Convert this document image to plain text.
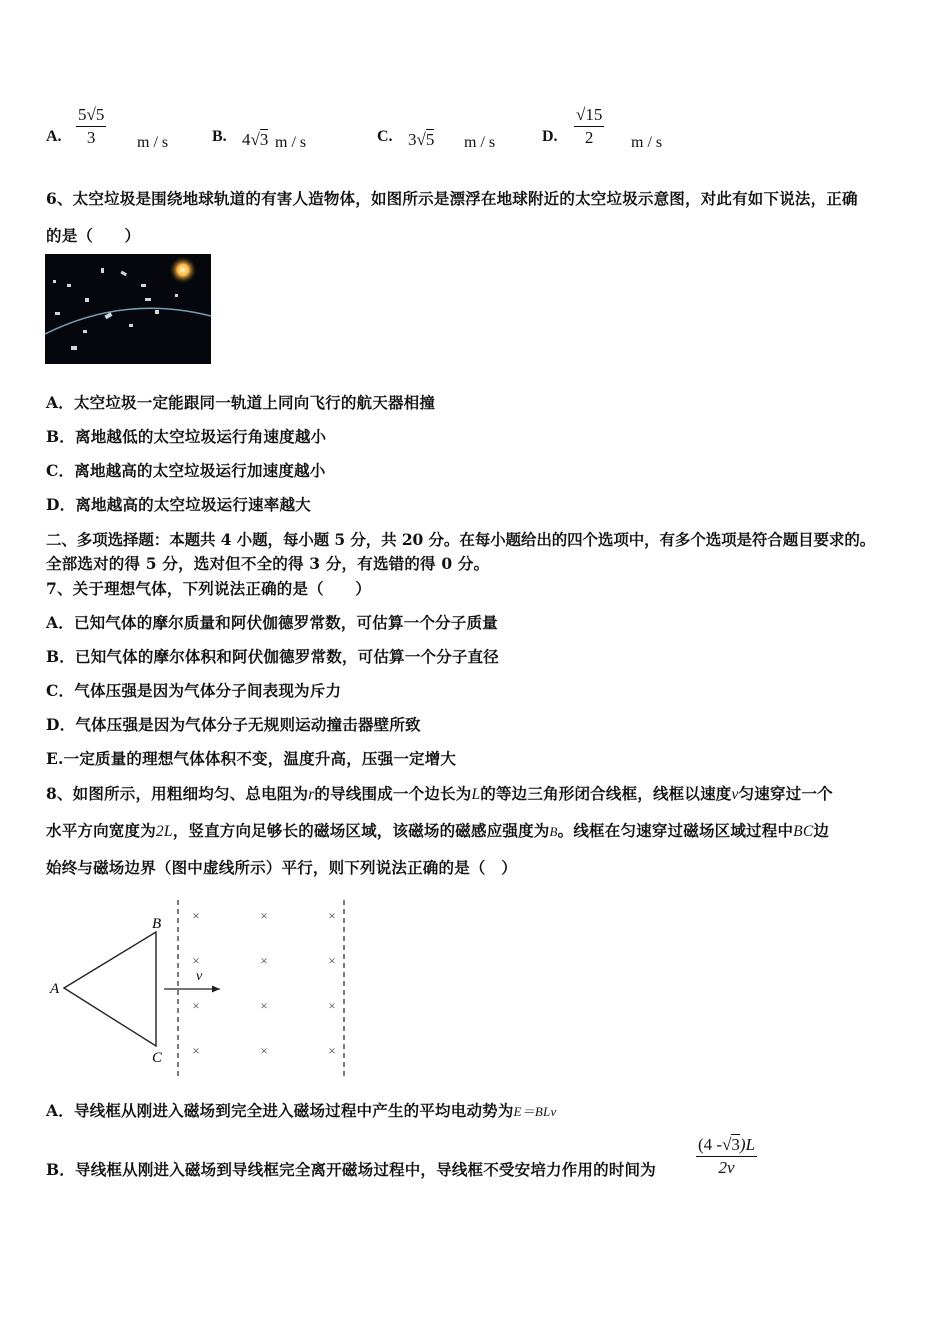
A. $\frac{5√5}{3}$ m / s	B. 4√3 m / s	C. 3√5 m / s	D. $\frac{√15}{2}$ m / s
6、太空垃圾是围绕地球轨道的有害人造物体，如图所示是漂浮在地球附近的太空垃圾示意图，对此有如下说法，正确
的是（　　）
A．太空垃圾一定能跟同一轨道上同向飞行的航天器相撞
B．离地越低的太空垃圾运行角速度越小
C．离地越高的太空垃圾运行加速度越小
D．离地越高的太空垃圾运行速率越大
二、多项选择题：本题共 4 小题，每小题 5 分，共 20 分。在每小题给出的四个选项中，有多个选项是符合题目要求的。
全部选对的得 5 分，选对但不全的得 3 分，有选错的得 0 分。
7、关于理想气体，下列说法正确的是（　　）
A．已知气体的摩尔质量和阿伏伽德罗常数，可估算一个分子质量
B．已知气体的摩尔体积和阿伏伽德罗常数，可估算一个分子直径
C．气体压强是因为气体分子间表现为斥力
D．气体压强是因为气体分子无规则运动撞击器壁所致
E.一定质量的理想气体体积不变，温度升高，压强一定增大
8、如图所示，用粗细均匀、总电阻为r的导线围成一个边长为L的等边三角形闭合线框，线框以速度v匀速穿过一个
水平方向宽度为2L，竖直方向足够长的磁场区域，该磁场的磁感应强度为B。线框在匀速穿过磁场区域过程中BC边
始终与磁场边界（图中虚线所示）平行，则下列说法正确的是（　）
A
B
C
v
×	×	×
×	×	×
×	×	×
×	×	×
A．导线框从刚进入磁场到完全进入磁场过程中产生的平均电动势为E＝BLv
B．导线框从刚进入磁场到导线框完全离开磁场过程中，导线框不受安培力作用的时间为 $\frac{(4 -√3)L}{2v}$
